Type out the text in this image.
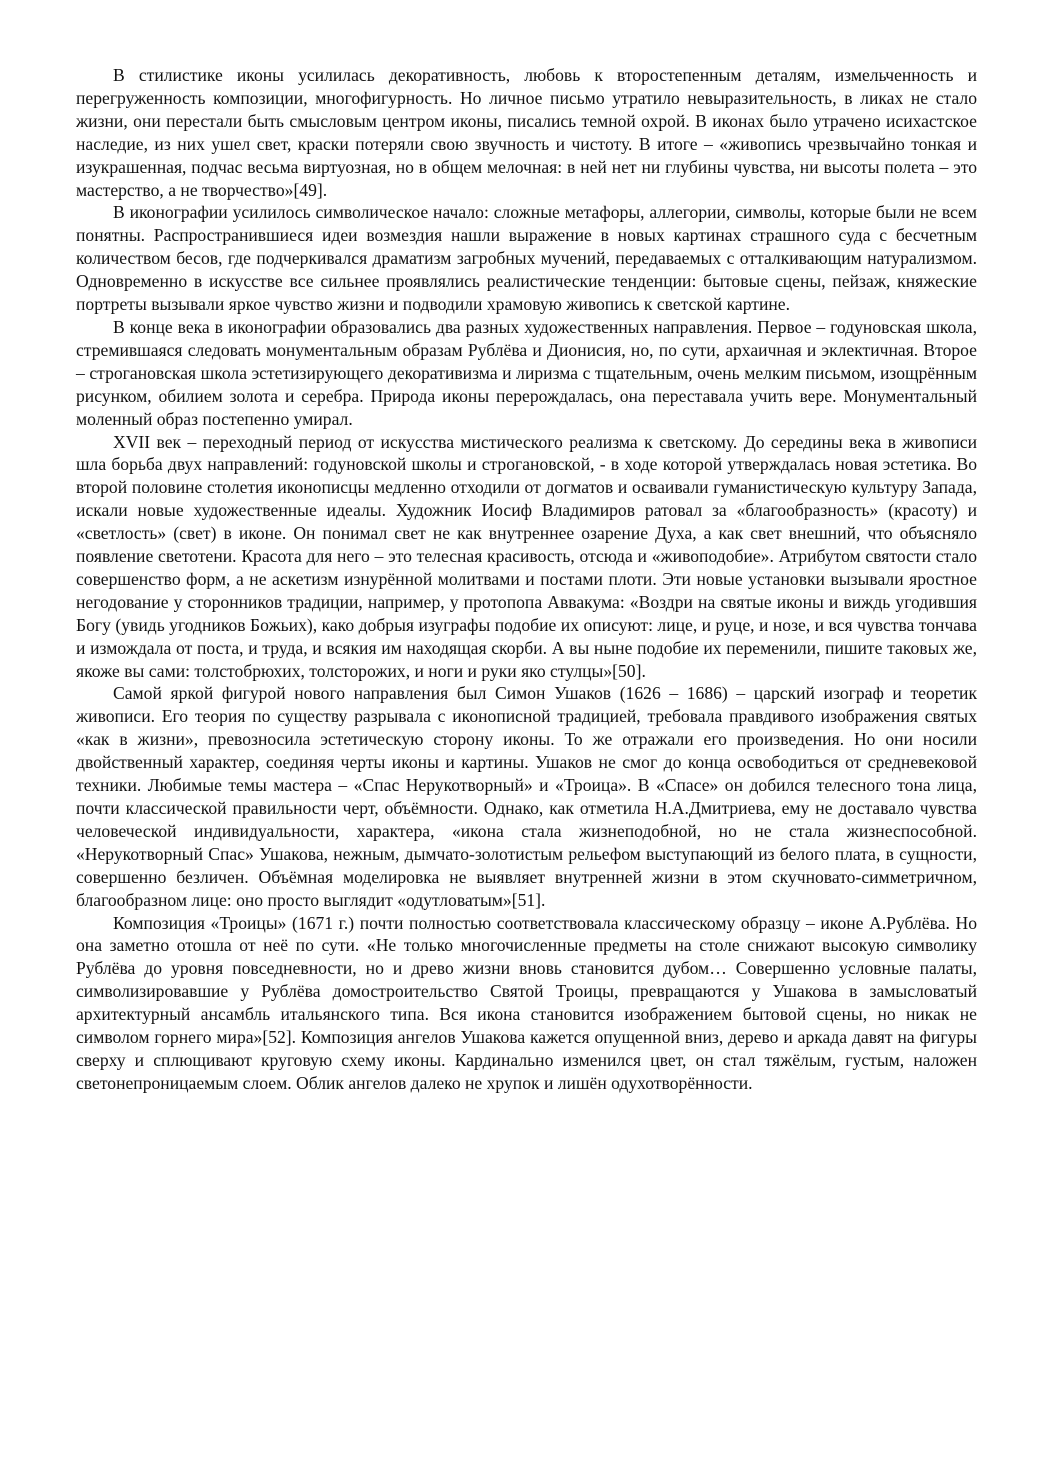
В стилистике иконы усилилась декоративность, любовь к второстепенным деталям, измельченность и перегруженность композиции, многофигурность. Но личное письмо утратило невыразительность, в ликах не стало жизни, они перестали быть смысловым центром иконы, писались темной охрой. В иконах было утрачено исихастское наследие, из них ушел свет, краски потеряли свою звучность и чистоту. В итоге – «живопись чрезвычайно тонкая и изукрашенная, подчас весьма виртуозная, но в общем мелочная: в ней нет ни глубины чувства, ни высоты полета – это мастерство, а не творчество»[49].

В иконографии усилилось символическое начало: сложные метафоры, аллегории, символы, которые были не всем понятны. Распространившиеся идеи возмездия нашли выражение в новых картинах страшного суда с бесчетным количеством бесов, где подчеркивался драматизм загробных мучений, передаваемых с отталкивающим натурализмом. Одновременно в искусстве все сильнее проявлялись реалистические тенденции: бытовые сцены, пейзаж, княжеские портреты вызывали яркое чувство жизни и подводили храмовую живопись к светской картине.

В конце века в иконографии образовались два разных художественных направления. Первое – годуновская школа, стремившаяся следовать монументальным образам Рублёва и Дионисия, но, по сути, архаичная и эклектичная. Второе – строгановская школа эстетизирующего декоративизма и лиризма с тщательным, очень мелким письмом, изощрённым рисунком, обилием золота и серебра. Природа иконы перерождалась, она переставала учить вере. Монументальный моленный образ постепенно умирал.

XVII век – переходный период от искусства мистического реализма к светскому. До середины века в живописи шла борьба двух направлений: годуновской школы и строгановской, - в ходе которой утверждалась новая эстетика. Во второй половине столетия иконописцы медленно отходили от догматов и осваивали гуманистическую культуру Запада, искали новые художественные идеалы. Художник Иосиф Владимиров ратовал за «благообразность» (красоту) и «светлость» (свет) в иконе. Он понимал свет не как внутреннее озарение Духа, а как свет внешний, что объясняло появление светотени. Красота для него – это телесная красивость, отсюда и «живоподобие». Атрибутом святости стало совершенство форм, а не аскетизм изнурённой молитвами и постами плоти. Эти новые установки вызывали яростное негодование у сторонников традиции, например, у протопопа Аввакума: «Воздри на святые иконы и виждь угодившия Богу (увидь угодников Божьих), како добрыя изуграфы подобие их описуют: лице, и руце, и нозе, и вся чувства тончава и измождала от поста, и труда, и всякия им находящая скорби. А вы ныне подобие их переменили, пишите таковых же, якоже вы сами: толстобрюхих, толсторожих, и ноги и руки яко стулцы»[50].

Самой яркой фигурой нового направления был Симон Ушаков (1626 – 1686) – царский изограф и теоретик живописи. Его теория по существу разрывала с иконописной традицией, требовала правдивого изображения святых «как в жизни», превозносила эстетическую сторону иконы. То же отражали его произведения. Но они носили двойственный характер, соединяя черты иконы и картины. Ушаков не смог до конца освободиться от средневековой техники. Любимые темы мастера – «Спас Нерукотворный» и «Троица». В «Спасе» он добился телесного тона лица, почти классической правильности черт, объёмности. Однако, как отметила Н.А.Дмитриева, ему не доставало чувства человеческой индивидуальности, характера, «икона стала жизнеподобной, но не стала жизнеспособной. «Нерукотворный Спас» Ушакова, нежным, дымчато-золотистым рельефом выступающий из белого плата, в сущности, совершенно безличен. Объёмная моделировка не выявляет внутренней жизни в этом скучновато-симметричном, благообразном лице: оно просто выглядит «одутловатым»[51].

Композиция «Троицы» (1671 г.) почти полностью соответствовала классическому образцу – иконе А.Рублёва. Но она заметно отошла от неё по сути. «Не только многочисленные предметы на столе снижают высокую символику Рублёва до уровня повседневности, но и древо жизни вновь становится дубом… Совершенно условные палаты, символизировавшие у Рублёва домостроительство Святой Троицы, превращаются у Ушакова в замысловатый архитектурный ансамбль итальянского типа. Вся икона становится изображением бытовой сцены, но никак не символом горнего мира»[52]. Композиция ангелов Ушакова кажется опущенной вниз, дерево и аркада давят на фигуры сверху и сплющивают круговую схему иконы. Кардинально изменился цвет, он стал тяжёлым, густым, наложен светонепроницаемым слоем. Облик ангелов далеко не хрупок и лишён одухотворённости.
